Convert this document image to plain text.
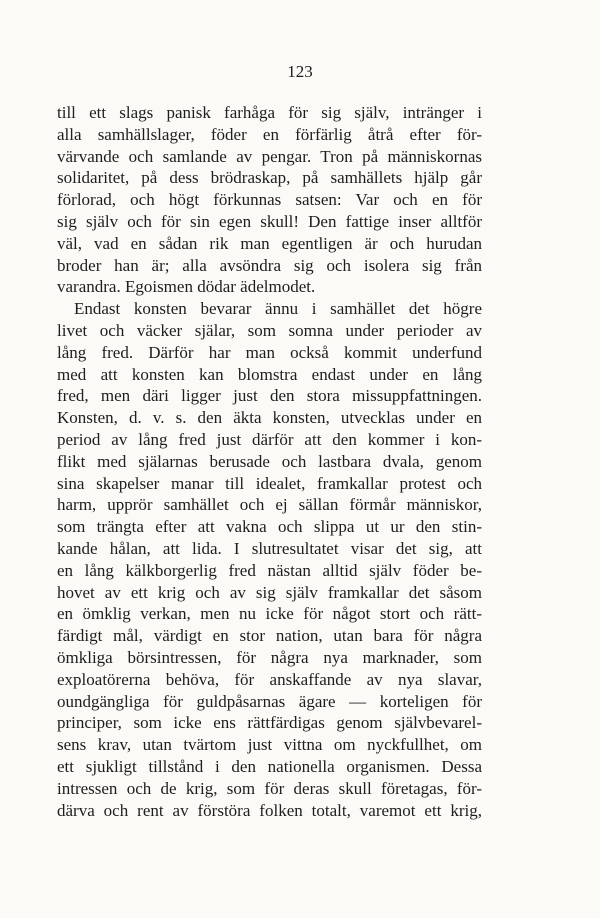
123
till ett slags panisk farhåga för sig själv, intränger i
alla samhällslager, föder en förfärlig åtrå efter för-
värvande och samlande av pengar. Tron på människornas
solidaritet, på dess brödraskap, på samhällets hjälp går
förlorad, och högt förkunnas satsen: Var och en för
sig själv och för sin egen skull! Den fattige inser alltför
väl, vad en sådan rik man egentligen är och hurudan
broder han är; alla avsöndra sig och isolera sig från
varandra. Egoismen dödar ädelmodet.
Endast konsten bevarar ännu i samhället det högre
livet och väcker själar, som somna under perioder av
lång fred. Därför har man också kommit underfund
med att konsten kan blomstra endast under en lång
fred, men däri ligger just den stora missuppfattningen.
Konsten, d. v. s. den äkta konsten, utvecklas under en
period av lång fred just därför att den kommer i kon-
flikt med själarnas berusade och lastbara dvala, genom
sina skapelser manar till idealet, framkallar protest och
harm, upprör samhället och ej sällan förmår människor,
som trängta efter att vakna och slippa ut ur den stin-
kande hålan, att lida. I slutresultatet visar det sig, att
en lång kälkborgerlig fred nästan alltid själv föder be-
hovet av ett krig och av sig själv framkallar det såsom
en ömklig verkan, men nu icke för något stort och rätt-
färdigt mål, värdigt en stor nation, utan bara för några
ömkliga börsintressen, för några nya marknader, som
exploatörerna behöva, för anskaffande av nya slavar,
oundgängliga för guldpåsarnas ägare — korteligen för
principer, som icke ens rättfärdigas genom självbevarel-
sens krav, utan tvärtom just vittna om nyckfullhet, om
ett sjukligt tillstånd i den nationella organismen. Dessa
intressen och de krig, som för deras skull företagas, för-
därva och rent av förstöra folken totalt, varemot ett krig,
